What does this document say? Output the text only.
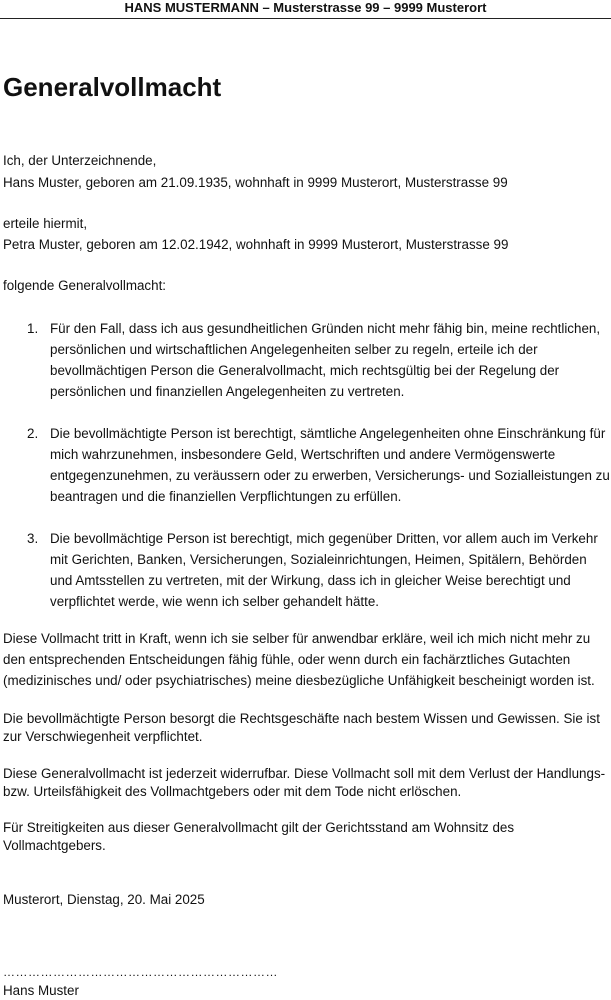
HANS MUSTERMANN – Musterstrasse 99 – 9999 Musterort
Generalvollmacht

Ich, der Unterzeichnende,

Hans Muster, geboren am 21.09.1935, wohnhaft in 9999 Musterort, Musterstrasse 99

erteile hiermit,

Petra Muster, geboren am 12.02.1942, wohnhaft in 9999 Musterort, Musterstrasse 99

folgende Generalvollmacht:

1. Für den Fall, dass ich aus gesundheitlichen Gründen nicht mehr fähig bin, meine rechtlichen, persönlichen und wirtschaftlichen Angelegenheiten selber zu regeln, erteile ich der bevollmächtigen Person die Generalvollmacht, mich rechtsgültig bei der Regelung der persönlichen und finanziellen Angelegenheiten zu vertreten.
2. Die bevollmächtigte Person ist berechtigt, sämtliche Angelegenheiten ohne Einschränkung für mich wahrzunehmen, insbesondere Geld, Wertschriften und andere Vermögenswerte entgegenzunehmen, zu veräussern oder zu erwerben, Versicherungs- und Sozialleistungen zu beantragen und die finanziellen Verpflichtungen zu erfüllen.
3. Die bevollmächtige Person ist berechtigt, mich gegenüber Dritten, vor allem auch im Verkehr mit Gerichten, Banken, Versicherungen, Sozialeinrichtungen, Heimen, Spitälern, Behörden und Amtsstellen zu vertreten, mit der Wirkung, dass ich in gleicher Weise berechtigt und verpflichtet werde, wie wenn ich selber gehandelt hätte.

Diese Vollmacht tritt in Kraft, wenn ich sie selber für anwendbar erkläre, weil ich mich nicht mehr zu den entsprechenden Entscheidungen fähig fühle, oder wenn durch ein fachärztliches Gutachten (medizinisches und/ oder psychiatrisches) meine diesbezügliche Unfähigkeit bescheinigt worden ist.

Die bevollmächtigte Person besorgt die Rechtsgeschäfte nach bestem Wissen und Gewissen. Sie ist zur Verschwiegenheit verpflichtet.

Diese Generalvollmacht ist jederzeit widerrufbar. Diese Vollmacht soll mit dem Verlust der Handlungs- bzw. Urteilsfähigkeit des Vollmachtgebers oder mit dem Tode nicht erlöschen.

Für Streitigkeiten aus dieser Generalvollmacht gilt der Gerichtsstand am Wohnsitz des Vollmachtgebers.

Musterort, Dienstag, 20. Mai 2025

…………………………………………………………
Hans Muster
